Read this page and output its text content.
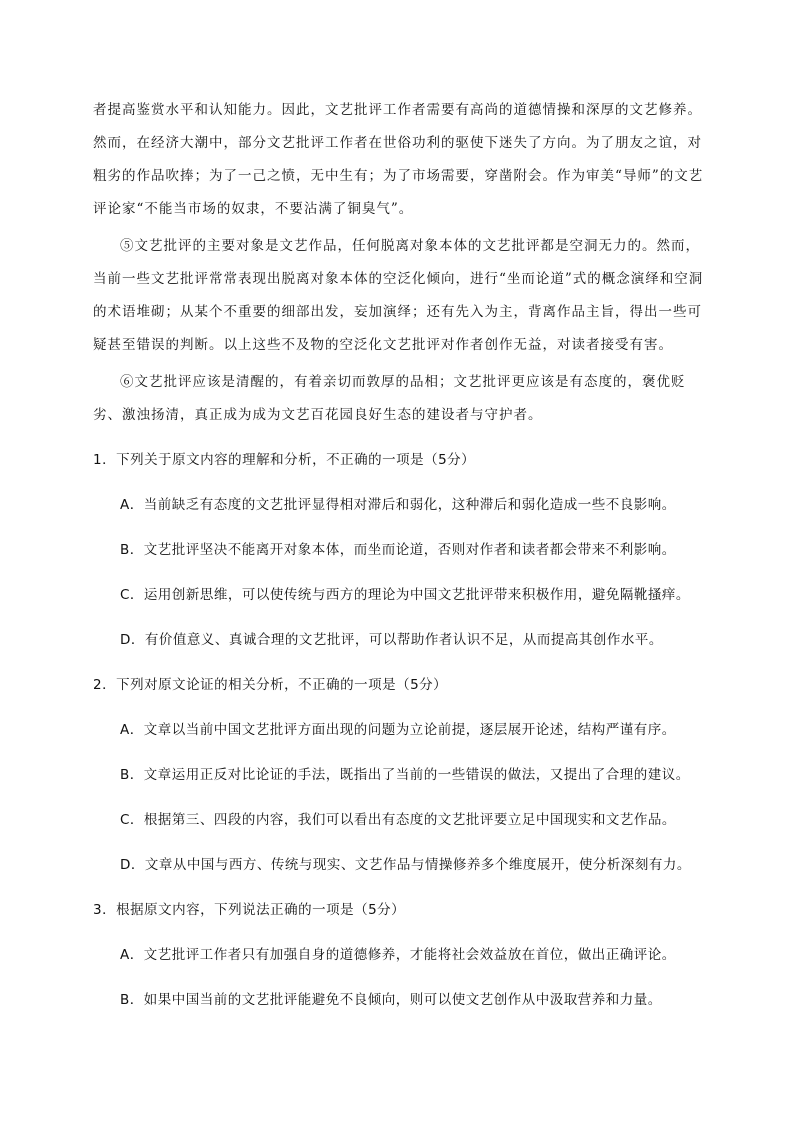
者提高鉴赏水平和认知能力。因此，文艺批评工作者需要有高尚的道德情操和深厚的文艺修养。然而，在经济大潮中，部分文艺批评工作者在世俗功利的驱使下迷失了方向。为了朋友之谊，对粗劣的作品吹捧；为了一己之愤，无中生有；为了市场需要，穿凿附会。作为审美“导师”的文艺评论家“不能当市场的奴隶，不要沾满了铜臭气”。

⑤文艺批评的主要对象是文艺作品，任何脱离对象本体的文艺批评都是空洞无力的。然而，当前一些文艺批评常常表现出脱离对象本体的空泛化倾向，进行“坐而论道”式的概念演绎和空洞的术语堆砌；从某个不重要的细部出发，妄加演绎；还有先入为主，背离作品主旨，得出一些可疑甚至错误的判断。以上这些不及物的空泛化文艺批评对作者创作无益，对读者接受有害。

⑥文艺批评应该是清醒的，有着亲切而敦厚的品相；文艺批评更应该是有态度的，褒优贬劣、激浊扬清，真正成为成为文艺百花园良好生态的建设者与守护者。

1．下列关于原文内容的理解和分析，不正确的一项是（5分）

A．当前缺乏有态度的文艺批评显得相对滞后和弱化，这种滞后和弱化造成一些不良影响。

B．文艺批评坚决不能离开对象本体，而坐而论道，否则对作者和读者都会带来不利影响。

C．运用创新思维，可以使传统与西方的理论为中国文艺批评带来积极作用，避免隔靴搔痒。

D．有价值意义、真诚合理的文艺批评，可以帮助作者认识不足，从而提高其创作水平。

2．下列对原文论证的相关分析，不正确的一项是（5分）

A．文章以当前中国文艺批评方面出现的问题为立论前提，逐层展开论述，结构严谨有序。

B．文章运用正反对比论证的手法，既指出了当前的一些错误的做法，又提出了合理的建议。

C．根据第三、四段的内容，我们可以看出有态度的文艺批评要立足中国现实和文艺作品。

D．文章从中国与西方、传统与现实、文艺作品与情操修养多个维度展开，使分析深刻有力。

3．根据原文内容，下列说法正确的一项是（5分）

A．文艺批评工作者只有加强自身的道德修养，才能将社会效益放在首位，做出正确评论。

B．如果中国当前的文艺批评能避免不良倾向，则可以使文艺创作从中汲取营养和力量。
